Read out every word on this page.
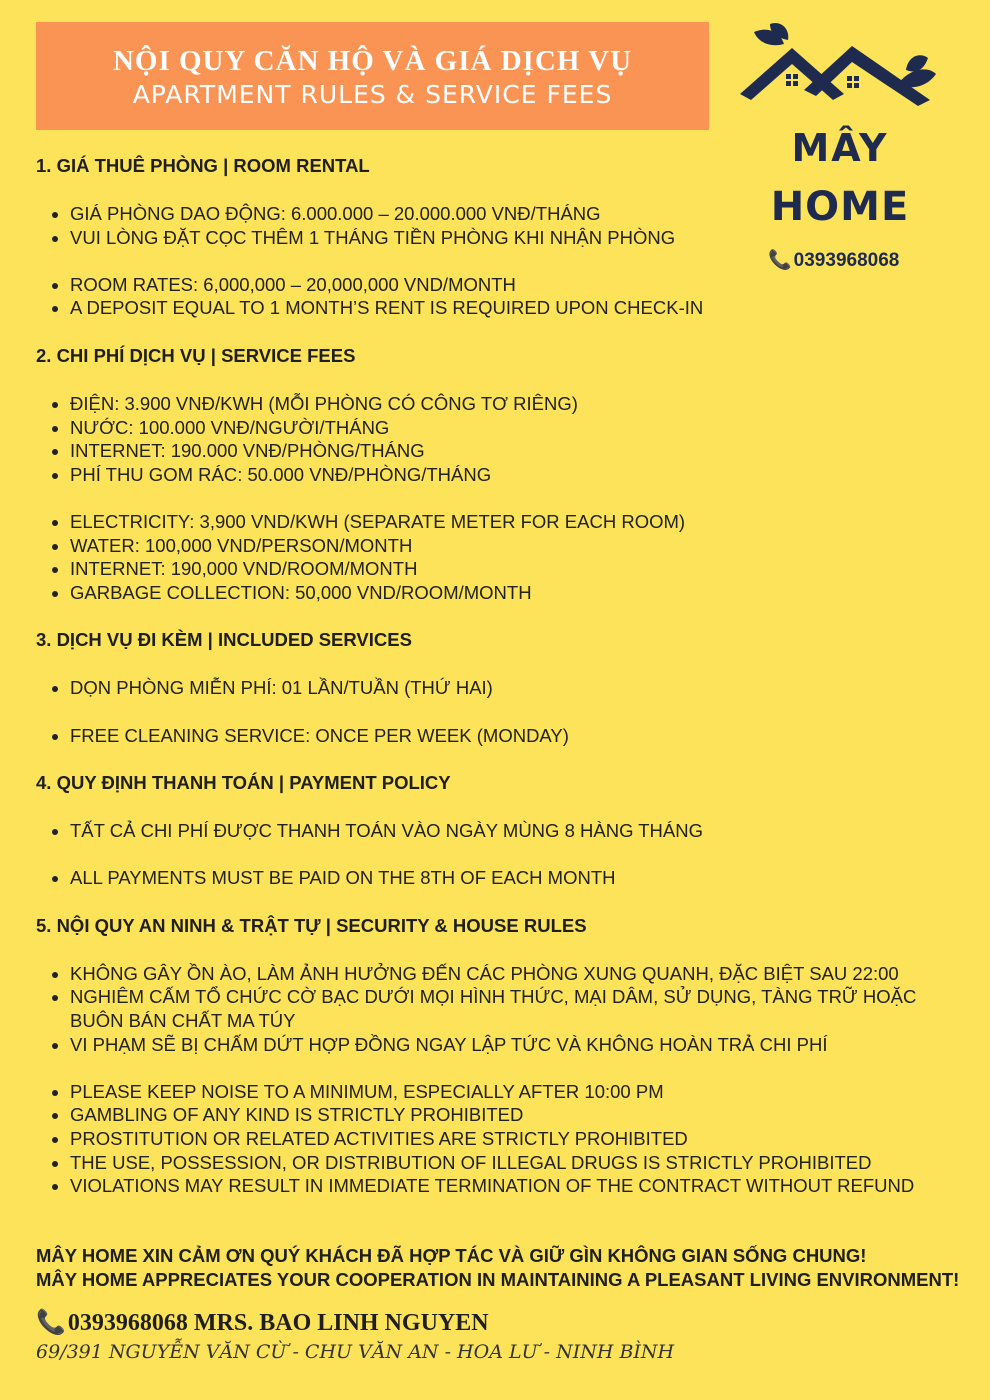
NỘI QUY CĂN HỘ VÀ GIÁ DỊCH VỤ
APARTMENT RULES & SERVICE FEES
MÂY
HOME
📞 0393968068
1. GIÁ THUÊ PHÒNG | ROOM RENTAL
GIÁ PHÒNG DAO ĐỘNG: 6.000.000 – 20.000.000 VNĐ/THÁNG
VUI LÒNG ĐẶT CỌC THÊM 1 THÁNG TIỀN PHÒNG KHI NHẬN PHÒNG
ROOM RATES: 6,000,000 – 20,000,000 VND/MONTH
A DEPOSIT EQUAL TO 1 MONTH’S RENT IS REQUIRED UPON CHECK-IN
2. CHI PHÍ DỊCH VỤ | SERVICE FEES
ĐIỆN: 3.900 VNĐ/KWH (MỖI PHÒNG CÓ CÔNG TƠ RIÊNG)
NƯỚC: 100.000 VNĐ/NGƯỜI/THÁNG
INTERNET: 190.000 VNĐ/PHÒNG/THÁNG
PHÍ THU GOM RÁC: 50.000 VNĐ/PHÒNG/THÁNG
ELECTRICITY: 3,900 VND/KWH (SEPARATE METER FOR EACH ROOM)
WATER: 100,000 VND/PERSON/MONTH
INTERNET: 190,000 VND/ROOM/MONTH
GARBAGE COLLECTION: 50,000 VND/ROOM/MONTH
3. DỊCH VỤ ĐI KÈM | INCLUDED SERVICES
DỌN PHÒNG MIỄN PHÍ: 01 LẦN/TUẦN (THỨ HAI)
FREE CLEANING SERVICE: ONCE PER WEEK (MONDAY)
4. QUY ĐỊNH THANH TOÁN | PAYMENT POLICY
TẤT CẢ CHI PHÍ ĐƯỢC THANH TOÁN VÀO NGÀY MÙNG 8 HÀNG THÁNG
ALL PAYMENTS MUST BE PAID ON THE 8TH OF EACH MONTH
5. NỘI QUY AN NINH & TRẬT TỰ | SECURITY & HOUSE RULES
KHÔNG GÂY ỒN ÀO, LÀM ẢNH HƯỞNG ĐẾN CÁC PHÒNG XUNG QUANH, ĐẶC BIỆT SAU 22:00
NGHIÊM CẤM TỔ CHỨC CỜ BẠC DƯỚI MỌI HÌNH THỨC, MẠI DÂM, SỬ DỤNG, TÀNG TRỮ HOẶC BUÔN BÁN CHẤT MA TÚY
VI PHẠM SẼ BỊ CHẤM DỨT HỢP ĐỒNG NGAY LẬP TỨC VÀ KHÔNG HOÀN TRẢ CHI PHÍ
PLEASE KEEP NOISE TO A MINIMUM, ESPECIALLY AFTER 10:00 PM
GAMBLING OF ANY KIND IS STRICTLY PROHIBITED
PROSTITUTION OR RELATED ACTIVITIES ARE STRICTLY PROHIBITED
THE USE, POSSESSION, OR DISTRIBUTION OF ILLEGAL DRUGS IS STRICTLY PROHIBITED
VIOLATIONS MAY RESULT IN IMMEDIATE TERMINATION OF THE CONTRACT WITHOUT REFUND
MÂY HOME XIN CẢM ƠN QUÝ KHÁCH ĐÃ HỢP TÁC VÀ GIỮ GÌN KHÔNG GIAN SỐNG CHUNG!
MÂY HOME APPRECIATES YOUR COOPERATION IN MAINTAINING A PLEASANT LIVING ENVIRONMENT!
📞0393968068 MRS. BAO LINH NGUYEN
69/391 NGUYỄN VĂN CỪ - CHU VĂN AN - HOA LƯ - NINH BÌNH
